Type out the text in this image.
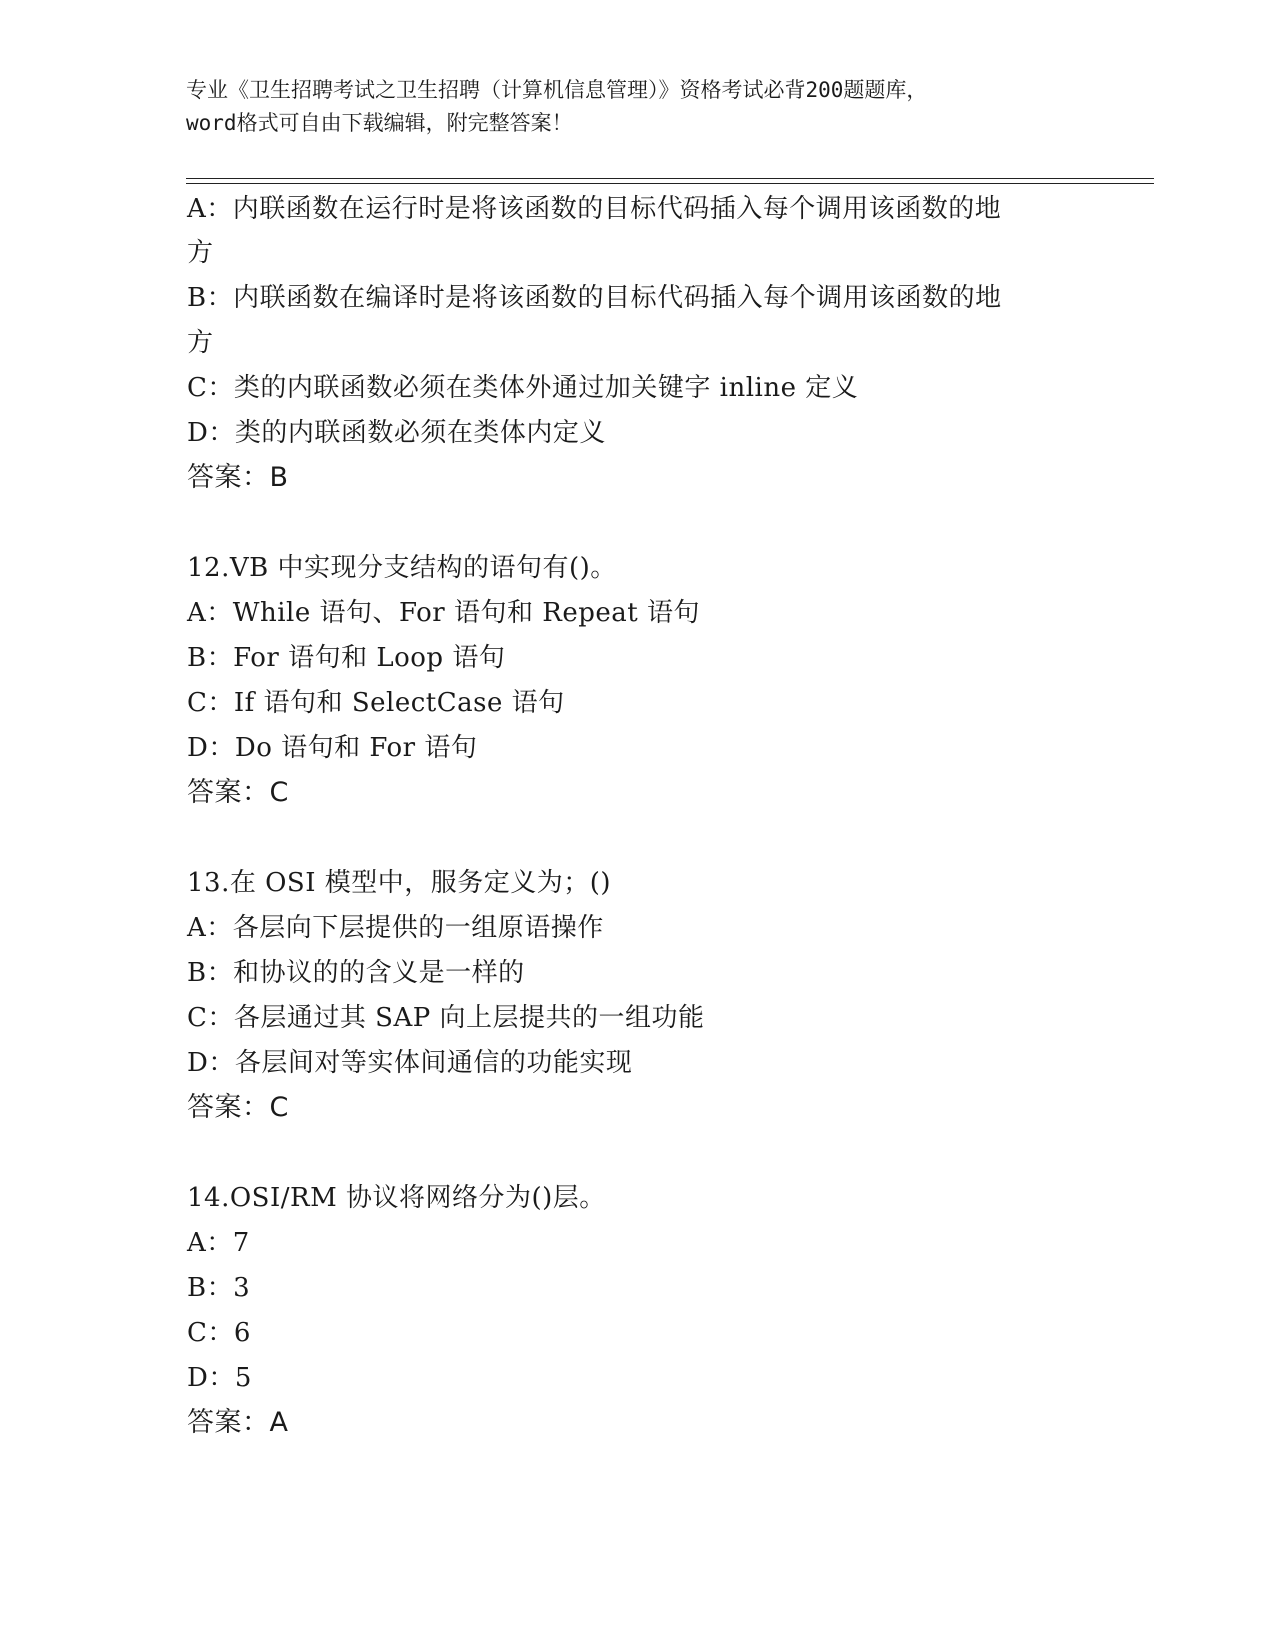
专业《卫生招聘考试之卫生招聘（计算机信息管理）》资格考试必背200题题库，
word格式可自由下载编辑，附完整答案！
A：内联函数在运行时是将该函数的目标代码插入每个调用该函数的地
方
B：内联函数在编译时是将该函数的目标代码插入每个调用该函数的地
方
C：类的内联函数必须在类体外通过加关键字 inline 定义
D：类的内联函数必须在类体内定义
答案：B
12.VB 中实现分支结构的语句有()。
A：While 语句、For 语句和 Repeat 语句
B：For 语句和 Loop 语句
C：If 语句和 SelectCase 语句
D：Do 语句和 For 语句
答案：C
13.在 OSI 模型中，服务定义为；()
A：各层向下层提供的一组原语操作
B：和协议的的含义是一样的
C：各层通过其 SAP 向上层提共的一组功能
D：各层间对等实体间通信的功能实现
答案：C
14.OSI/RM 协议将网络分为()层。
A：7
B：3
C：6
D：5
答案：A
